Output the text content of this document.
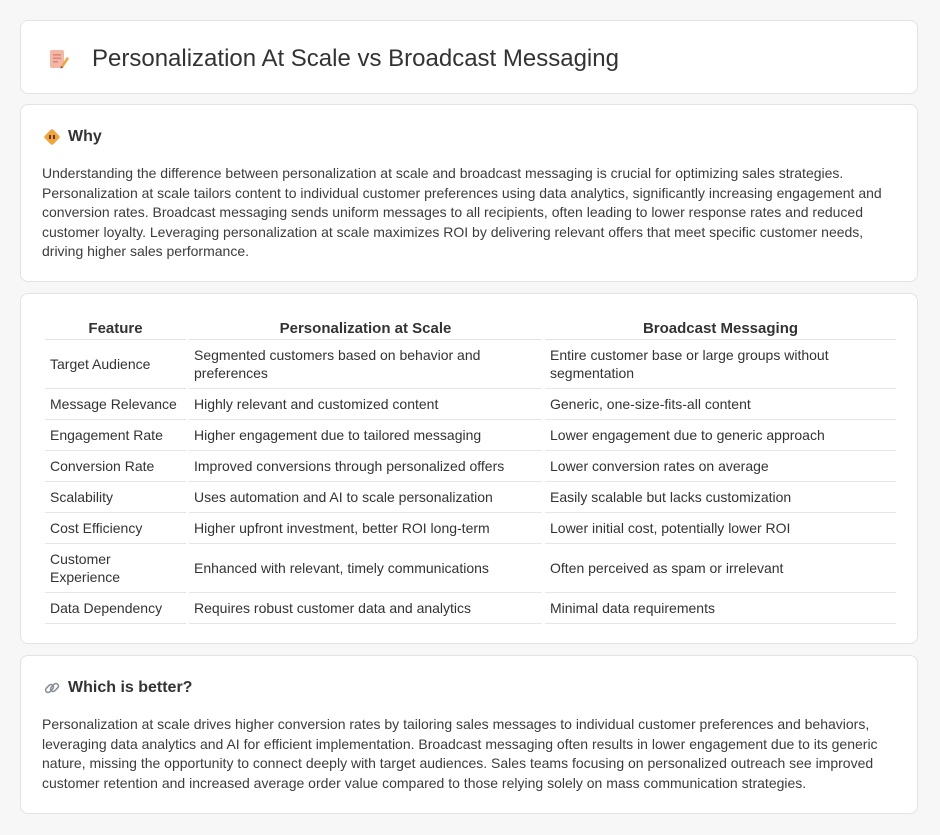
Personalization At Scale vs Broadcast Messaging
Why

Understanding the difference between personalization at scale and broadcast messaging is crucial for optimizing sales strategies. Personalization at scale tailors content to individual customer preferences using data analytics, significantly increasing engagement and conversion rates. Broadcast messaging sends uniform messages to all recipients, often leading to lower response rates and reduced customer loyalty. Leveraging personalization at scale maximizes ROI by delivering relevant offers that meet specific customer needs, driving higher sales performance.

Feature	Personalization at Scale	Broadcast Messaging
Target Audience	Segmented customers based on behavior and preferences	Entire customer base or large groups without segmentation
Message Relevance	Highly relevant and customized content	Generic, one-size-fits-all content
Engagement Rate	Higher engagement due to tailored messaging	Lower engagement due to generic approach
Conversion Rate	Improved conversions through personalized offers	Lower conversion rates on average
Scalability	Uses automation and AI to scale personalization	Easily scalable but lacks customization
Cost Efficiency	Higher upfront investment, better ROI long-term	Lower initial cost, potentially lower ROI
Customer Experience	Enhanced with relevant, timely communications	Often perceived as spam or irrelevant
Data Dependency	Requires robust customer data and analytics	Minimal data requirements
Which is better?

Personalization at scale drives higher conversion rates by tailoring sales messages to individual customer preferences and behaviors, leveraging data analytics and AI for efficient implementation. Broadcast messaging often results in lower engagement due to its generic nature, missing the opportunity to connect deeply with target audiences. Sales teams focusing on personalized outreach see improved customer retention and increased average order value compared to those relying solely on mass communication strategies.
